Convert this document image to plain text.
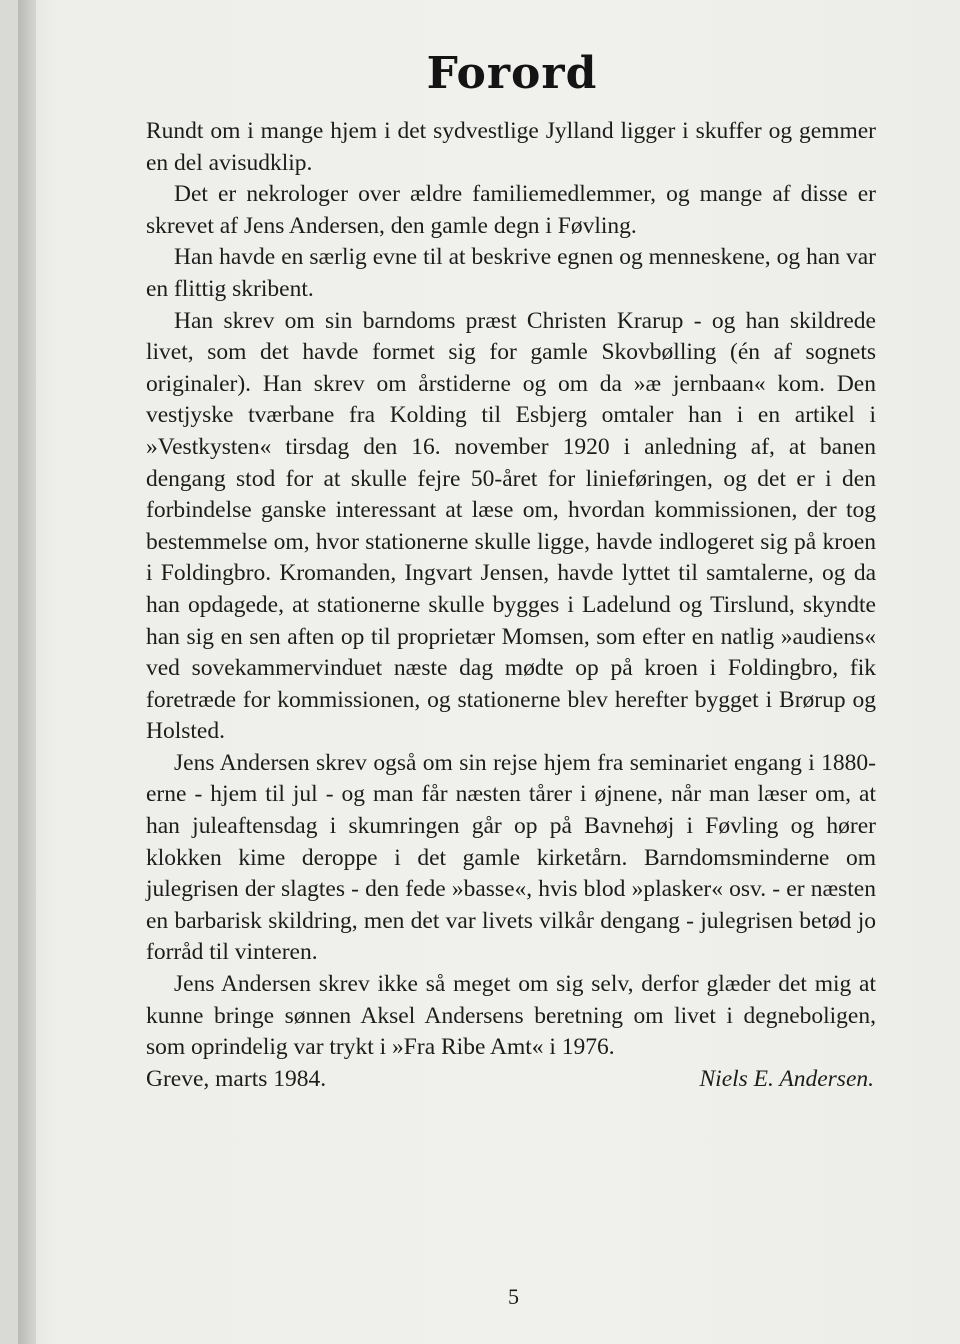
Forord

Rundt om i mange hjem i det sydvestlige Jylland ligger i skuffer og gemmer en del avisudklip.

Det er nekrologer over ældre familiemedlemmer, og mange af disse er skrevet af Jens Andersen, den gamle degn i Føvling.

Han havde en særlig evne til at beskrive egnen og menneskene, og han var en flittig skribent.

Han skrev om sin barndoms præst Christen Krarup - og han skildrede livet, som det havde formet sig for gamle Skovbølling (én af sognets originaler). Han skrev om årstiderne og om da »æ jernbaan« kom. Den vestjyske tværbane fra Kolding til Esbjerg omtaler han i en artikel i »Vestkysten« tirsdag den 16. november 1920 i anledning af, at banen dengang stod for at skulle fejre 50-året for linieføringen, og det er i den forbindelse ganske interessant at læse om, hvordan kommissionen, der tog bestemmelse om, hvor stationerne skulle ligge, havde indlogeret sig på kroen i Foldingbro. Kromanden, Ingvart Jensen, havde lyttet til samtalerne, og da han opdagede, at stationerne skulle bygges i Ladelund og Tirslund, skyndte han sig en sen aften op til proprietær Momsen, som efter en natlig »audiens« ved sovekammervinduet næste dag mødte op på kroen i Foldingbro, fik foretræde for kommissionen, og stationerne blev herefter bygget i Brørup og Holsted.

Jens Andersen skrev også om sin rejse hjem fra seminariet engang i 1880-erne - hjem til jul - og man får næsten tårer i øjnene, når man læser om, at han juleaftensdag i skumringen går op på Bavnehøj i Føvling og hører klokken kime deroppe i det gamle kirketårn. Barndomsminderne om julegrisen der slagtes - den fede »basse«, hvis blod »plasker« osv. - er næsten en barbarisk skildring, men det var livets vilkår dengang - julegrisen betød jo forråd til vinteren.

Jens Andersen skrev ikke så meget om sig selv, derfor glæder det mig at kunne bringe sønnen Aksel Andersens beretning om livet i degneboligen, som oprindelig var trykt i »Fra Ribe Amt« i 1976.

Greve, marts 1984.	Niels E. Andersen.
5
